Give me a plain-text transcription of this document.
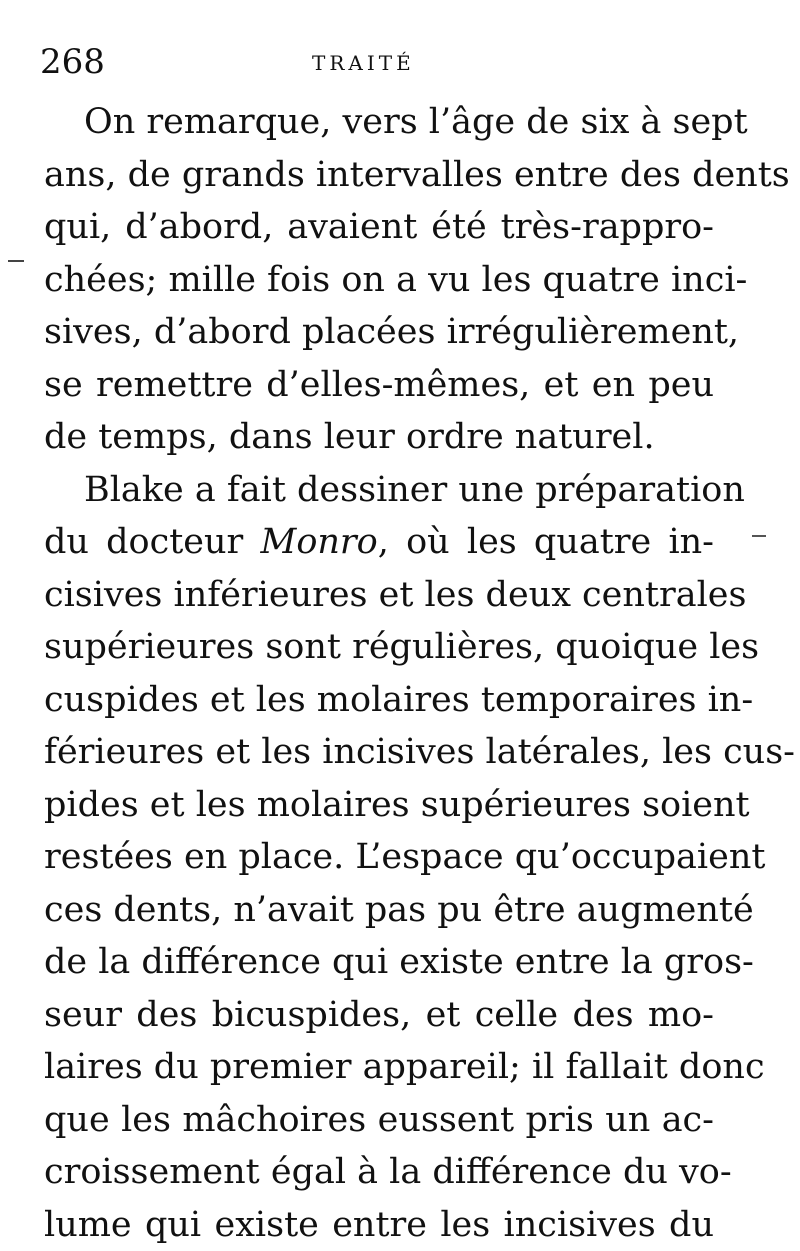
268	TRAITÉ
On remarque, vers l’âge de six à sept
ans, de grands intervalles entre des dents
qui, d’abord, avaient été très-rappro-
chées; mille fois on a vu les quatre inci-
sives, d’abord placées irrégulièrement,
se remettre d’elles-mêmes, et en peu
de temps, dans leur ordre naturel.
Blake a fait dessiner une préparation
du docteur Monro, où les quatre in-
cisives inférieures et les deux centrales
supérieures sont régulières, quoique les
cuspides et les molaires temporaires in-
férieures et les incisives latérales, les cus-
pides et les molaires supérieures soient
restées en place. L’espace qu’occupaient
ces dents, n’avait pas pu être augmenté
de la différence qui existe entre la gros-
seur des bicuspides, et celle des mo-
laires du premier appareil; il fallait donc
que les mâchoires eussent pris un ac-
croissement égal à la différence du vo-
lume qui existe entre les incisives du
